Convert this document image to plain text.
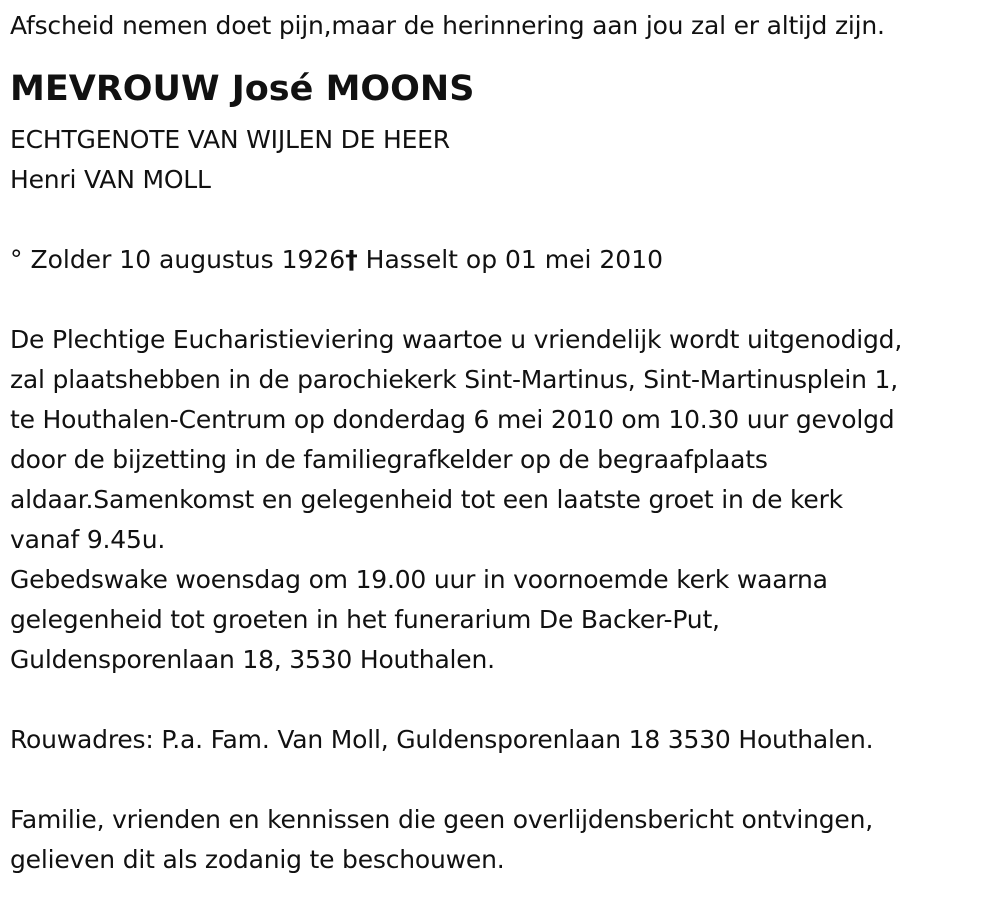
Afscheid nemen doet pijn,maar de herinnering aan jou zal er altijd zijn.
MEVROUW José MOONS
ECHTGENOTE VAN WIJLEN DE HEER
Henri VAN MOLL
° Zolder 10 augustus 1926† Hasselt op 01 mei 2010
De Plechtige Eucharistieviering waartoe u vriendelijk wordt uitgenodigd,
zal plaatshebben in de parochiekerk Sint-Martinus, Sint-Martinusplein 1,
te Houthalen-Centrum op donderdag 6 mei 2010 om 10.30 uur gevolgd
door de bijzetting in de familiegrafkelder op de begraafplaats
aldaar.Samenkomst en gelegenheid tot een laatste groet in de kerk
vanaf 9.45u.
Gebedswake woensdag om 19.00 uur in voornoemde kerk waarna
gelegenheid tot groeten in het funerarium De Backer-Put,
Guldensporenlaan 18, 3530 Houthalen.
Rouwadres: P.a. Fam. Van Moll, Guldensporenlaan 18 3530 Houthalen.
Familie, vrienden en kennissen die geen overlijdensbericht ontvingen,
gelieven dit als zodanig te beschouwen.
